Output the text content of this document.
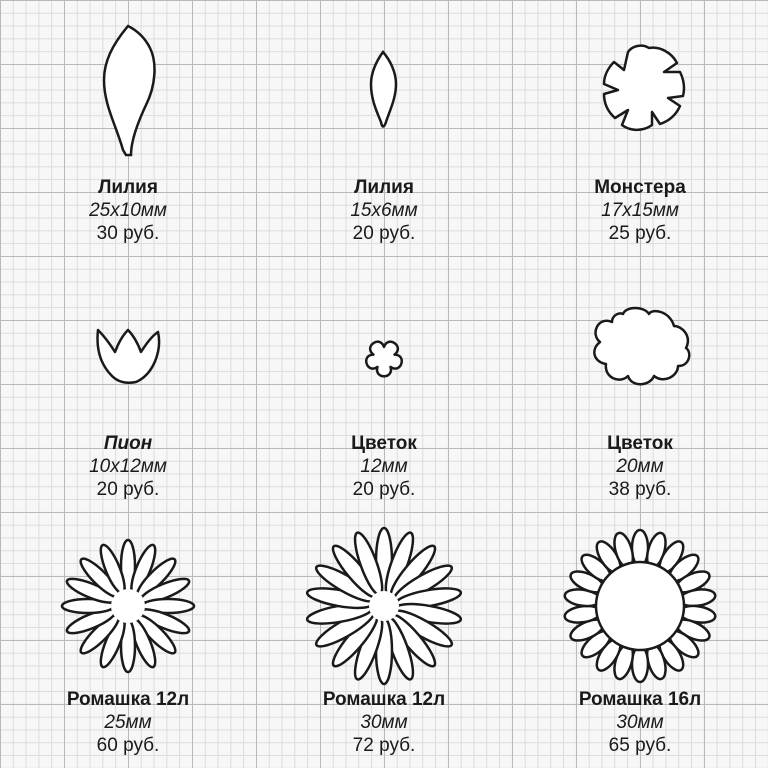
Лилия
25x10мм
30 руб.
Лилия
15x6мм
20 руб.
Монстера
17x15мм
25 руб.
Пион
10x12мм
20 руб.
Цветок
12мм
20 руб.
Цветок
20мм
38 руб.
Ромашка 12л
25мм
60 руб.
Ромашка 12л
30мм
72 руб.
Ромашка 16л
30мм
65 руб.
